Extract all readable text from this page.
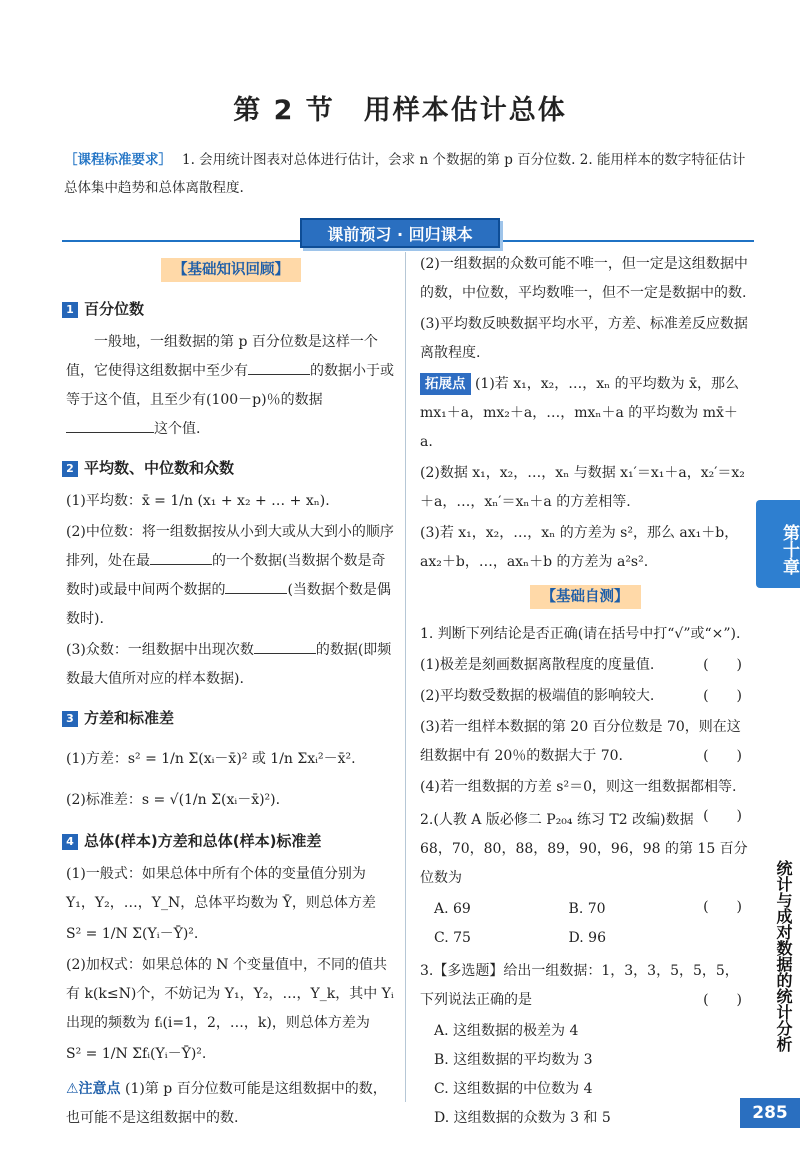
第 2 节　用样本估计总体
［课程标准要求］ 1. 会用统计图表对总体进行估计，会求 n 个数据的第 p 百分位数. 2. 能用样本的数字特征估计总体集中趋势和总体离散程度.
课前预习 · 回归课本
【基础知识回顾】
1 百分位数
一般地，一组数据的第 p 百分位数是这样一个值，它使得这组数据中至少有	的数据小于或等于这个值，且至少有(100－p)％的数据
这个值.
2 平均数、中位数和众数
(1)平均数：x̄ = 1/n (x₁ + x₂ + … + xₙ).
(2)中位数：将一组数据按从小到大或从大到小的顺序排列，处在最	的一个数据(当数据个数是奇数时)或最中间两个数据的	(当数据个数是偶数时).
(3)众数：一组数据中出现次数	的数据(即频数最大值所对应的样本数据).
3 方差和标准差
(1)方差：s² = 1/n Σ(xᵢ－x̄)² 或 1/n Σxᵢ²－x̄².
(2)标准差：s = √(1/n Σ(xᵢ－x̄)²).
4 总体(样本)方差和总体(样本)标准差
(1)一般式：如果总体中所有个体的变量值分别为 Y₁，Y₂，…，Y_N，总体平均数为 Ȳ，则总体方差
S² = 1/N Σ(Yᵢ－Ȳ)².
(2)加权式：如果总体的 N 个变量值中，不同的值共有 k(k≤N)个，不妨记为 Y₁，Y₂，…，Y_k，其中 Yᵢ 出现的频数为 fᵢ(i=1，2，…，k)，则总体方差为
S² = 1/N Σfᵢ(Yᵢ－Ȳ)².
⚠注意点 (1)第 p 百分位数可能是这组数据中的数，也可能不是这组数据中的数.
(2)一组数据的众数可能不唯一，但一定是这组数据中的数，中位数，平均数唯一，但不一定是数据中的数.
(3)平均数反映数据平均水平，方差、标准差反应数据离散程度.
拓展点 (1)若 x₁，x₂，…，xₙ 的平均数为 x̄，那么 mx₁＋a，mx₂＋a，…，mxₙ＋a 的平均数为 mx̄＋a.
(2)数据 x₁，x₂，…，xₙ 与数据 x₁′＝x₁＋a，x₂′＝x₂＋a，…，xₙ′＝xₙ＋a 的方差相等.
(3)若 x₁，x₂，…，xₙ 的方差为 s²，那么 ax₁＋b，ax₂＋b，…，axₙ＋b 的方差为 a²s².
【基础自测】
1. 判断下列结论是否正确(请在括号中打“√”或“×”).
(1)极差是刻画数据离散程度的度量值.	(　　)
(2)平均数受数据的极端值的影响较大.	(　　)
(3)若一组样本数据的第 20 百分位数是 70，则在这组数据中有 20％的数据大于 70.	(　　)
(4)若一组数据的方差 s²＝0，则这一组数据都相等.

(　　)
2.(人教 A 版必修二 P₂₀₄ 练习 T2 改编)数据 68，70，80，88，89，90，96，98 的第 15 百分位数为

(　　)
A. 69	B. 70
C. 75	D. 96
3.【多选题】给出一组数据：1，3，3，5，5，5，下列说法正确的是	(　　)
A. 这组数据的极差为 4
B. 这组数据的平均数为 3
C. 这组数据的中位数为 4
D. 这组数据的众数为 3 和 5
第十章
统计与成对数据的统计分析
285
